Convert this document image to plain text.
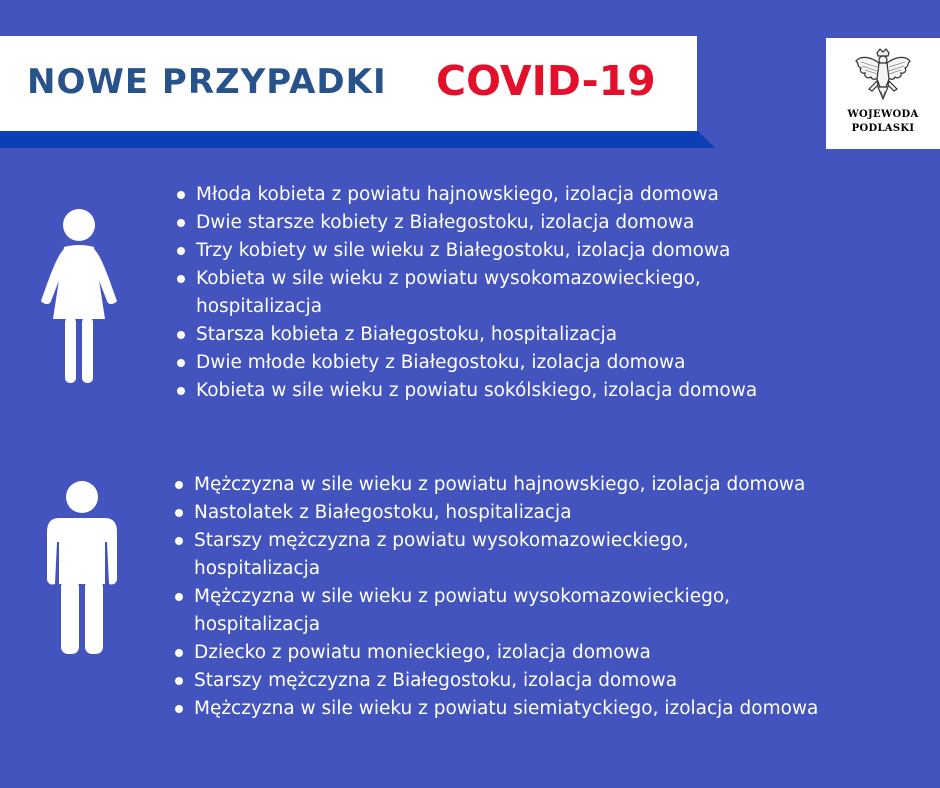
NOWE PRZYPADKI COVID-19
WOJEWODA
PODLASKI
Młoda kobieta z powiatu hajnowskiego, izolacja domowa
Dwie starsze kobiety z Białegostoku, izolacja domowa
Trzy kobiety w sile wieku z Białegostoku, izolacja domowa
Kobieta w sile wieku z powiatu wysokomazowieckiego,
hospitalizacja
Starsza kobieta z Białegostoku, hospitalizacja
Dwie młode kobiety z Białegostoku, izolacja domowa
Kobieta w sile wieku z powiatu sokólskiego, izolacja domowa
Mężczyzna w sile wieku z powiatu hajnowskiego, izolacja domowa
Nastolatek z Białegostoku, hospitalizacja
Starszy mężczyzna z powiatu wysokomazowieckiego,
hospitalizacja
Mężczyzna w sile wieku z powiatu wysokomazowieckiego,
hospitalizacja
Dziecko z powiatu monieckiego, izolacja domowa
Starszy mężczyzna z Białegostoku, izolacja domowa
Mężczyzna w sile wieku z powiatu siemiatyckiego, izolacja domowa
